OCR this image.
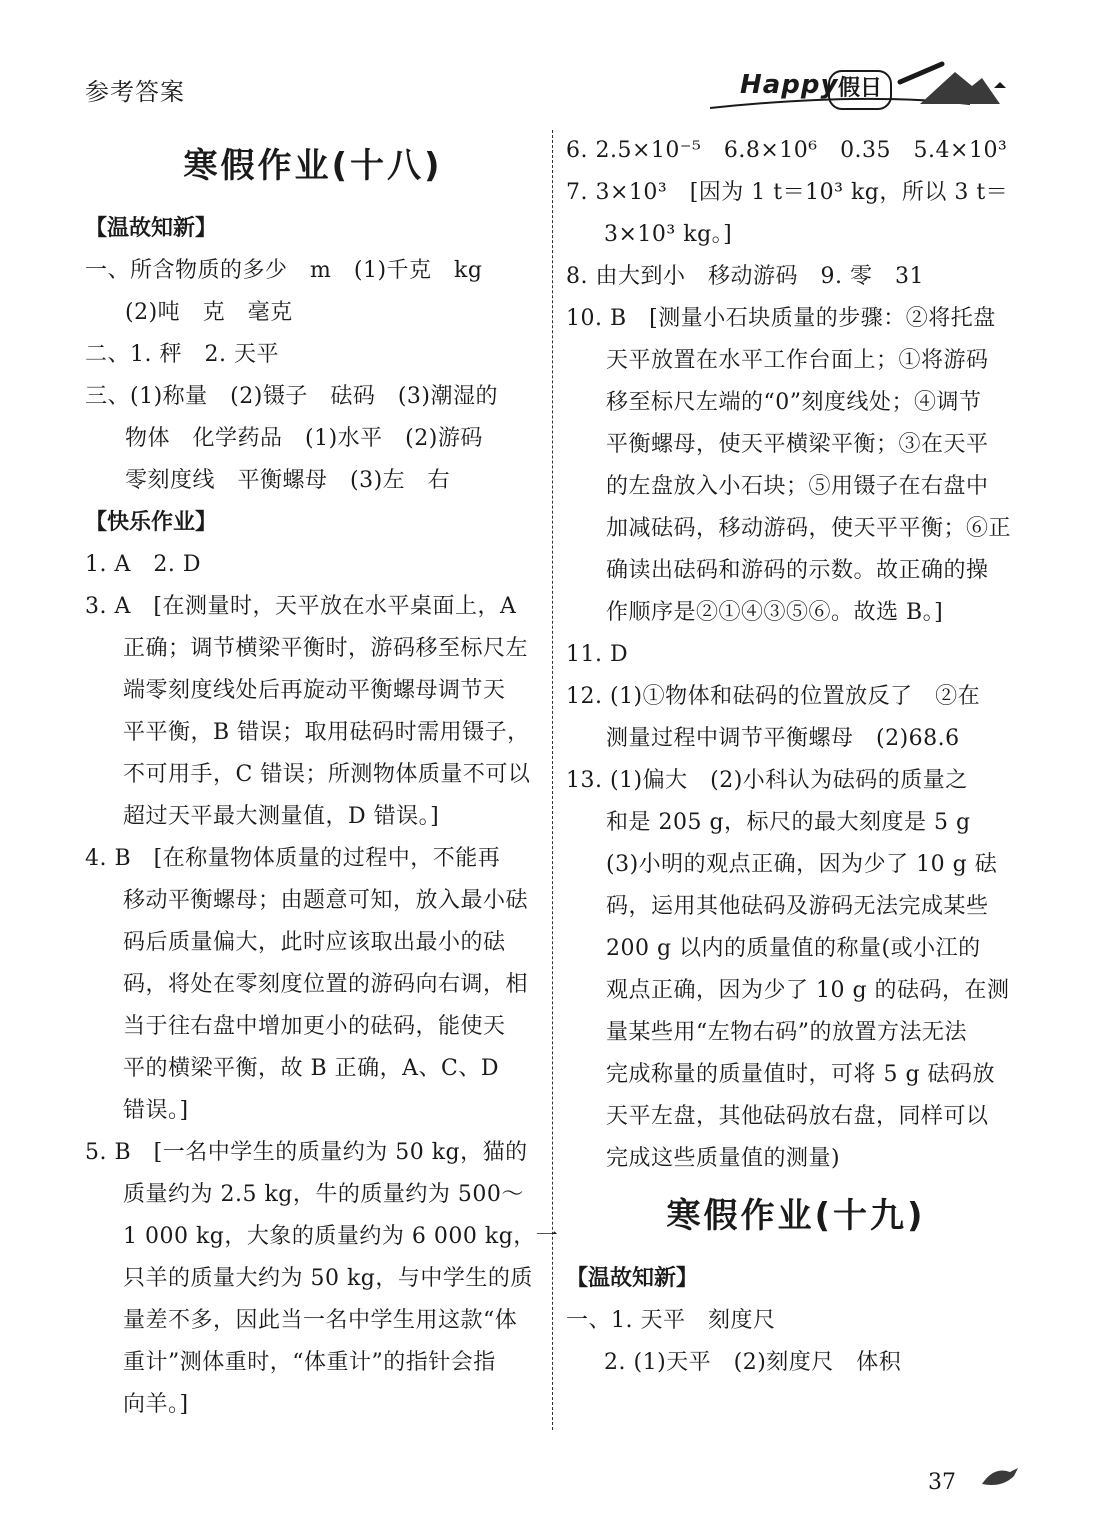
参考答案	Happy 假日
寒假作业(十八)
【温故知新】
一、所含物质的多少　m　(1)千克　kg
(2)吨　克　毫克
二、1. 秤　2. 天平
三、(1)称量　(2)镊子　砝码　(3)潮湿的
物体　化学药品　(1)水平　(2)游码
零刻度线　平衡螺母　(3)左　右
【快乐作业】
1. A　2. D
3. A　[在测量时，天平放在水平桌面上，A
正确；调节横梁平衡时，游码移至标尺左
端零刻度线处后再旋动平衡螺母调节天
平平衡，B 错误；取用砝码时需用镊子，
不可用手，C 错误；所测物体质量不可以
超过天平最大测量值，D 错误。]
4. B　[在称量物体质量的过程中，不能再
移动平衡螺母；由题意可知，放入最小砝
码后质量偏大，此时应该取出最小的砝
码，将处在零刻度位置的游码向右调，相
当于往右盘中增加更小的砝码，能使天
平的横梁平衡，故 B 正确，A、C、D
错误。]
5. B　[一名中学生的质量约为 50 kg，猫的
质量约为 2.5 kg，牛的质量约为 500～
1 000 kg，大象的质量约为 6 000 kg，一
只羊的质量大约为 50 kg，与中学生的质
量差不多，因此当一名中学生用这款“体
重计”测体重时，“体重计”的指针会指
向羊。]
6. 2.5×10⁻⁵　6.8×10⁶　0.35　5.4×10³
7. 3×10³　[因为 1 t＝10³ kg，所以 3 t＝
3×10³ kg。]
8. 由大到小　移动游码　9. 零　31
10. B　[测量小石块质量的步骤：②将托盘
天平放置在水平工作台面上；①将游码
移至标尺左端的“0”刻度线处；④调节
平衡螺母，使天平横梁平衡；③在天平
的左盘放入小石块；⑤用镊子在右盘中
加减砝码，移动游码，使天平平衡；⑥正
确读出砝码和游码的示数。故正确的操
作顺序是②①④③⑤⑥。故选 B。]
11. D
12. (1)①物体和砝码的位置放反了　②在
测量过程中调节平衡螺母　(2)68.6
13. (1)偏大　(2)小科认为砝码的质量之
和是 205 g，标尺的最大刻度是 5 g
(3)小明的观点正确，因为少了 10 g 砝
码，运用其他砝码及游码无法完成某些
200 g 以内的质量值的称量(或小江的
观点正确，因为少了 10 g 的砝码，在测
量某些用“左物右码”的放置方法无法
完成称量的质量值时，可将 5 g 砝码放
天平左盘，其他砝码放右盘，同样可以
完成这些质量值的测量)
寒假作业(十九)
【温故知新】
一、1. 天平　刻度尺
2. (1)天平　(2)刻度尺　体积
37
